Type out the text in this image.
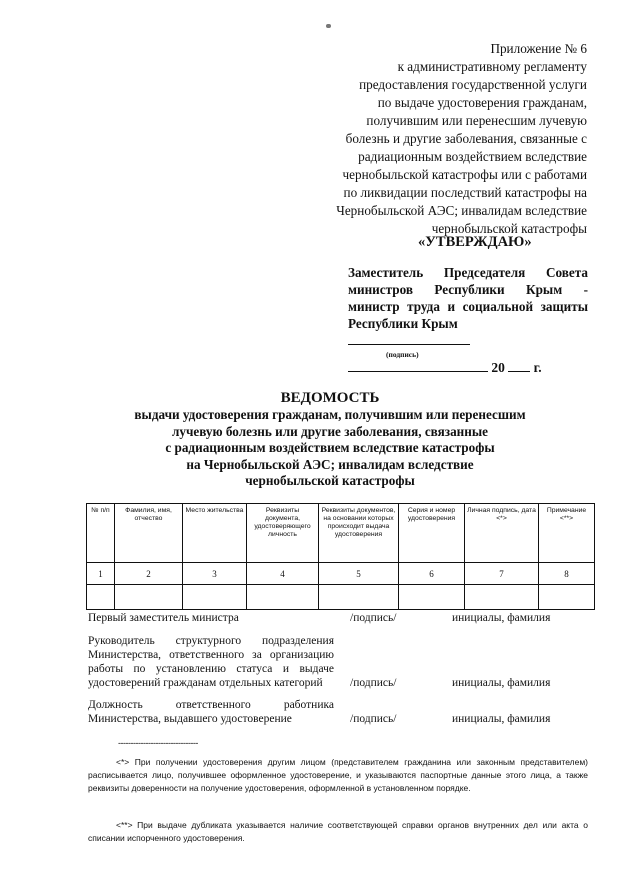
Приложение № 6
к административному регламенту
предоставления государственной услуги
по выдаче удостоверения гражданам,
получившим или перенесшим лучевую
болезнь и другие заболевания, связанные с
радиационным воздействием вследствие
чернобыльской катастрофы или с работами
по ликвидации последствий катастрофы на
Чернобыльской АЭС; инвалидам вследствие
чернобыльской катастрофы
«УТВЕРЖДАЮ»
Заместитель Председателя Совета министров Республики Крым - министр труда и социальной защиты Республики Крым
(подпись)
20 г.
ВЕДОМОСТЬ
выдачи удостоверения гражданам, получившим или перенесшим
лучевую болезнь или другие заболевания, связанные
с радиационным воздействием вследствие катастрофы
на Чернобыльской АЭС; инвалидам вследствие
чернобыльской катастрофы
№ п/п	Фамилия, имя, отчество	Место жительства	Реквизиты документа, удостоверяющего личность	Реквизиты документов, на основании которых происходит выдача удостоверения	Серия и номер удостоверения	Личная подпись, дата <*>	Примечание <**>
1	2	3	4	5	6	7	8

Первый заместитель министра	/подпись/	инициалы, фамилия
Руководитель структурного подразделения Министерства, ответственного за организацию работы по установлению статуса и выдаче удостоверений гражданам отдельных категорий	/подпись/	инициалы, фамилия
Должность ответственного работника Министерства, выдавшего удостоверение	/подпись/	инициалы, фамилия
--------------------------------
<*> При получении удостоверения другим лицом (представителем гражданина или законным представителем) расписывается лицо, получившее оформленное удостоверение, и указываются паспортные данные этого лица, а также реквизиты доверенности на получение удостоверения, оформленной в установленном порядке.
<**> При выдаче дубликата указывается наличие соответствующей справки органов внутренних дел или акта о списании испорченного удостоверения.
